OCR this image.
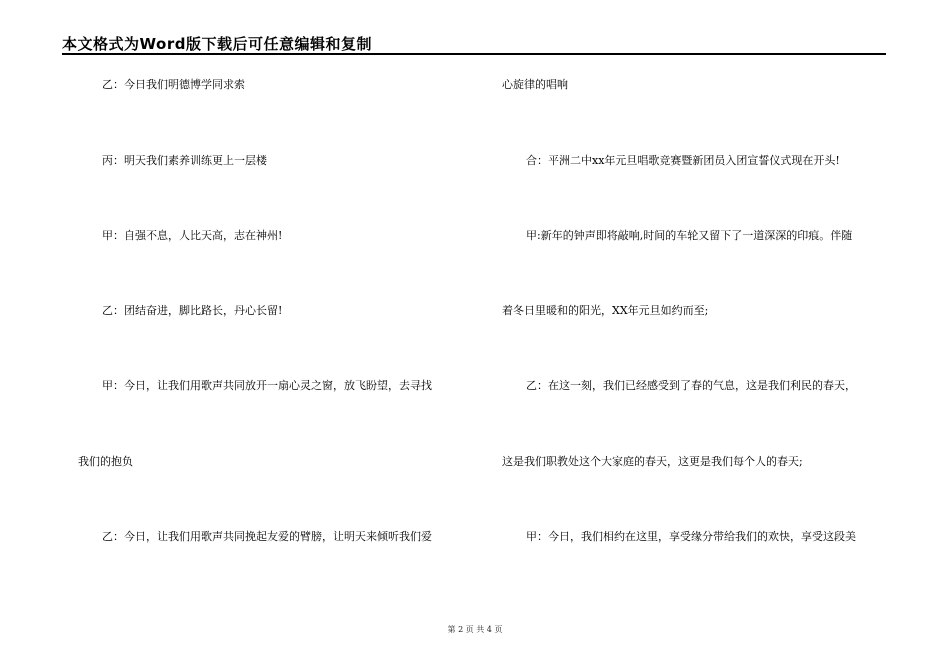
本文格式为Word版下载后可任意编辑和复制
乙：今日我们明德博学同求索
丙：明天我们素养训练更上一层楼
甲：自强不息，人比天高，志在神州!
乙：团结奋进，脚比路长，丹心长留!
甲：今日，让我们用歌声共同放开一扇心灵之窗，放飞盼望，去寻找
我们的抱负
乙：今日，让我们用歌声共同挽起友爱的臂膀，让明天来倾听我们爱
心旋律的唱响
合：平洲二中xx年元旦唱歌竞赛暨新团员入团宣誓仪式现在开头!
甲:新年的钟声即将敲响,时间的车轮又留下了一道深深的印痕。伴随
着冬日里暖和的阳光，XX年元旦如约而至;
乙：在这一刻，我们已经感受到了春的气息，这是我们利民的春天，
这是我们职教处这个大家庭的春天，这更是我们每个人的春天;
甲：今日，我们相约在这里，享受缘分带给我们的欢快，享受这段美
第 2 页 共 4 页
